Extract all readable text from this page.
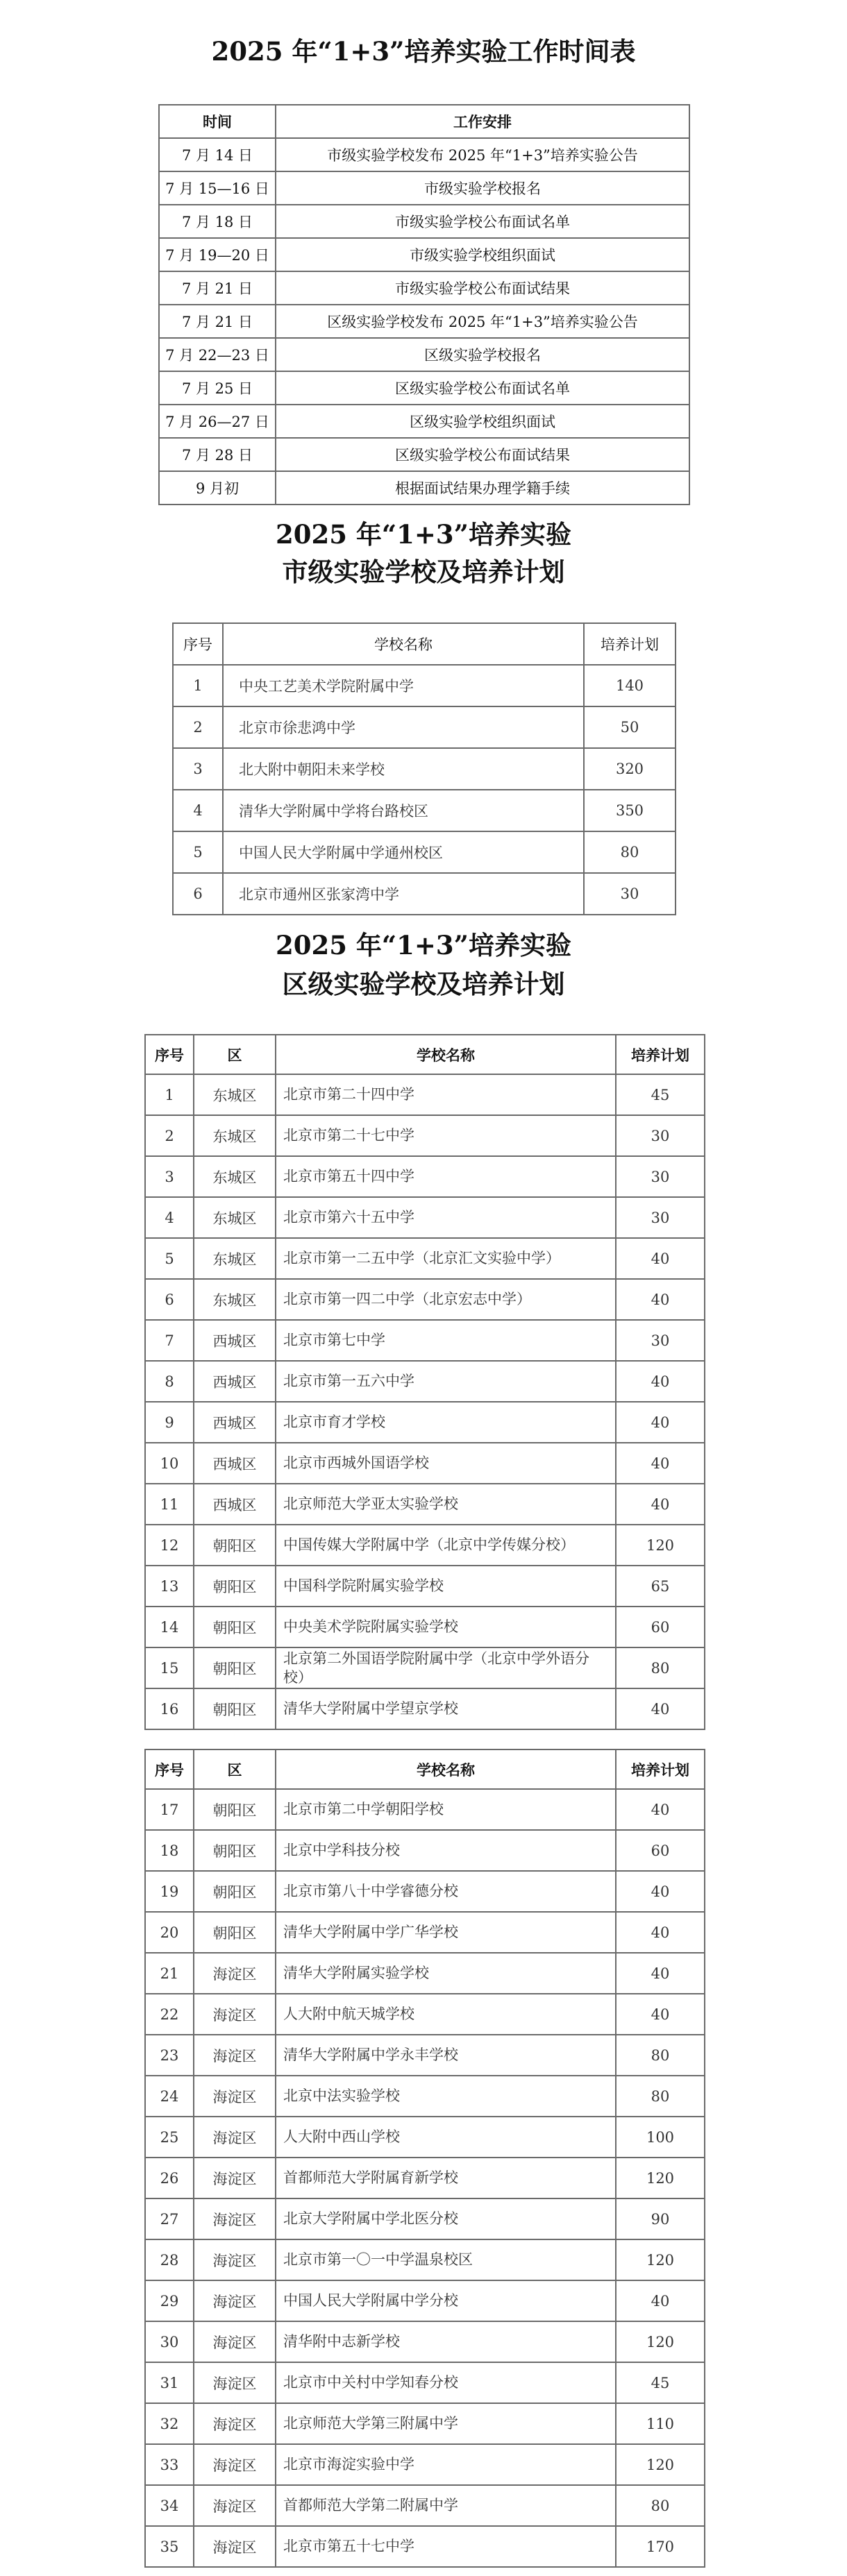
2025 年“1+3”培养实验工作时间表
时间	工作安排
7 月 14 日	市级实验学校发布 2025 年“1+3”培养实验公告
7 月 15—16 日	市级实验学校报名
7 月 18 日	市级实验学校公布面试名单
7 月 19—20 日	市级实验学校组织面试
7 月 21 日	市级实验学校公布面试结果
7 月 21 日	区级实验学校发布 2025 年“1+3”培养实验公告
7 月 22—23 日	区级实验学校报名
7 月 25 日	区级实验学校公布面试名单
7 月 26—27 日	区级实验学校组织面试
7 月 28 日	区级实验学校公布面试结果
9 月初	根据面试结果办理学籍手续
2025 年“1+3”培养实验
市级实验学校及培养计划
序号	学校名称	培养计划
1	中央工艺美术学院附属中学	140
2	北京市徐悲鸿中学	50
3	北大附中朝阳未来学校	320
4	清华大学附属中学将台路校区	350
5	中国人民大学附属中学通州校区	80
6	北京市通州区张家湾中学	30
2025 年“1+3”培养实验
区级实验学校及培养计划
序号	区	学校名称	培养计划
1	东城区	北京市第二十四中学	45
2	东城区	北京市第二十七中学	30
3	东城区	北京市第五十四中学	30
4	东城区	北京市第六十五中学	30
5	东城区	北京市第一二五中学（北京汇文实验中学）	40
6	东城区	北京市第一四二中学（北京宏志中学）	40
7	西城区	北京市第七中学	30
8	西城区	北京市第一五六中学	40
9	西城区	北京市育才学校	40
10	西城区	北京市西城外国语学校	40
11	西城区	北京师范大学亚太实验学校	40
12	朝阳区	中国传媒大学附属中学（北京中学传媒分校）	120
13	朝阳区	中国科学院附属实验学校	65
14	朝阳区	中央美术学院附属实验学校	60
15	朝阳区	北京第二外国语学院附属中学（北京中学外语分校）	80
16	朝阳区	清华大学附属中学望京学校	40
序号	区	学校名称	培养计划
17	朝阳区	北京市第二中学朝阳学校	40
18	朝阳区	北京中学科技分校	60
19	朝阳区	北京市第八十中学睿德分校	40
20	朝阳区	清华大学附属中学广华学校	40
21	海淀区	清华大学附属实验学校	40
22	海淀区	人大附中航天城学校	40
23	海淀区	清华大学附属中学永丰学校	80
24	海淀区	北京中法实验学校	80
25	海淀区	人大附中西山学校	100
26	海淀区	首都师范大学附属育新学校	120
27	海淀区	北京大学附属中学北医分校	90
28	海淀区	北京市第一〇一中学温泉校区	120
29	海淀区	中国人民大学附属中学分校	40
30	海淀区	清华附中志新学校	120
31	海淀区	北京市中关村中学知春分校	45
32	海淀区	北京师范大学第三附属中学	110
33	海淀区	北京市海淀实验中学	120
34	海淀区	首都师范大学第二附属中学	80
35	海淀区	北京市第五十七中学	170
